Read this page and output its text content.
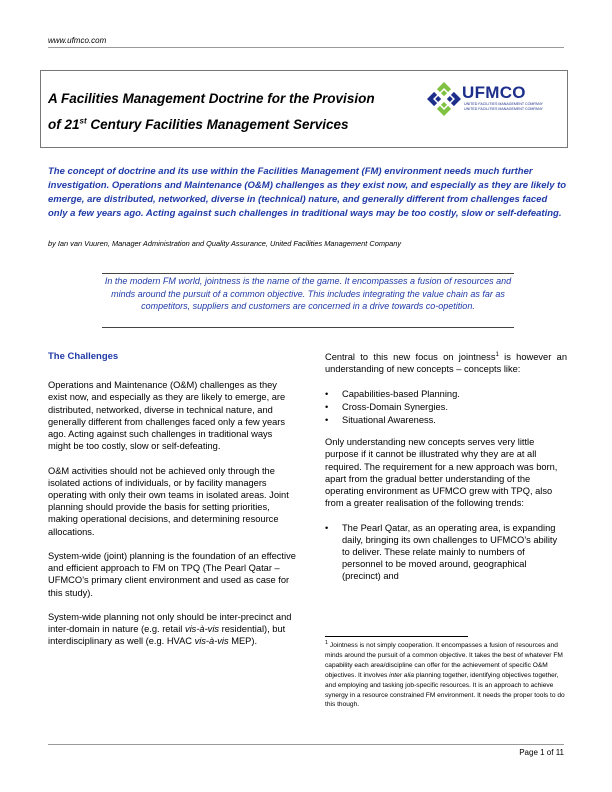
www.ufmco.com
A Facilities Management Doctrine for the Provision
of 21st Century Facilities Management Services
UFMCO
UNITED FACILITIES MANAGEMENT COMPANY
UNITED FACILITIES MANAGEMENT COMPANY
The concept of doctrine and its use within the Facilities Management (FM) environment needs much further investigation. Operations and Maintenance (O&M) challenges as they exist now, and especially as they are likely to emerge, are distributed, networked, diverse in (technical) nature, and generally different from challenges faced only a few years ago. Acting against such challenges in traditional ways may be too costly, slow or self-defeating.
by Ian van Vuuren, Manager Administration and Quality Assurance, United Facilities Management Company
In the modern FM world, jointness is the name of the game. It encompasses a fusion of resources and minds around the pursuit of a common objective. This includes integrating the value chain as far as competitors, suppliers and customers are concerned in a drive towards co-opetition.
The Challenges

Operations and Maintenance (O&M) challenges as they exist now, and especially as they are likely to emerge, are distributed, networked, diverse in technical nature, and generally different from challenges faced only a few years ago. Acting against such challenges in traditional ways might be too costly, slow or self-defeating.

O&M activities should not be achieved only through the isolated actions of individuals, or by facility managers operating with only their own teams in isolated areas. Joint planning should provide the basis for setting priorities, making operational decisions, and determining resource allocations.

System-wide (joint) planning is the foundation of an effective and efficient approach to FM on TPQ (The Pearl Qatar – UFMCO’s primary client environment and used as case for this study).

System-wide planning not only should be inter-precinct and inter-domain in nature (e.g. retail vis-à-vis residential), but interdisciplinary as well (e.g. HVAC vis-à-vis MEP).

Central to this new focus on jointness$^1$ is however an understanding of new concepts – concepts like:

• Capabilities-based Planning.
• Cross-Domain Synergies.
• Situational Awareness.

Only understanding new concepts serves very little purpose if it cannot be illustrated why they are at all required. The requirement for a new approach was born, apart from the gradual better understanding of the operating environment as UFMCO grew with TPQ, also from a greater realisation of the following trends:

• The Pearl Qatar, as an operating area, is expanding daily, bringing its own challenges to UFMCO’s ability to deliver. These relate mainly to numbers of personnel to be moved around, geographical (precinct) and
$^1$ Jointness is not simply cooperation. It encompasses a fusion of resources and minds around the pursuit of a common objective. It takes the best of whatever FM capability each area/discipline can offer for the achievement of specific O&M objectives. It involves inter alia planning together, identifying objectives together, and employing and tasking job-specific resources. It is an approach to achieve synergy in a resource constrained FM environment. It needs the proper tools to do this though.
Page 1 of 11
